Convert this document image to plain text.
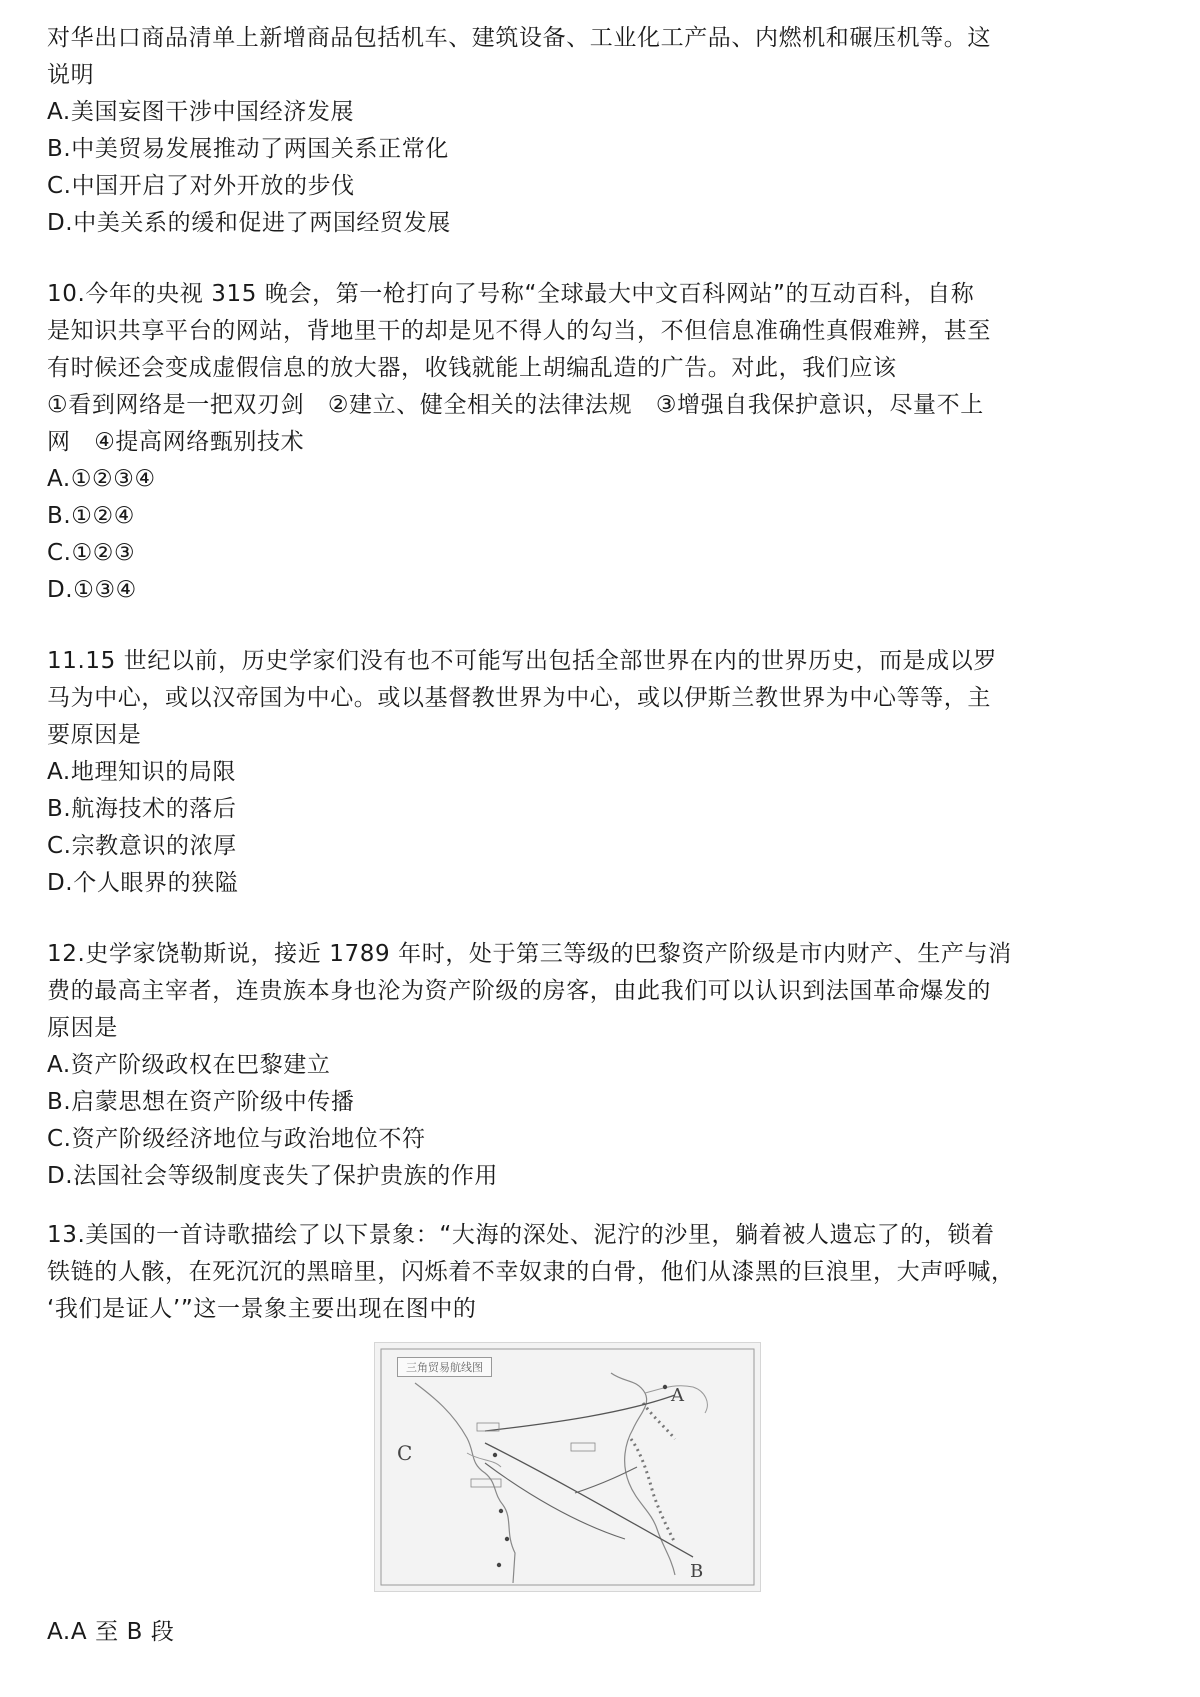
对华出口商品清单上新增商品包括机车、建筑设备、工业化工产品、内燃机和碾压机等。这
说明
A.美国妄图干涉中国经济发展
B.中美贸易发展推动了两国关系正常化
C.中国开启了对外开放的步伐
D.中美关系的缓和促进了两国经贸发展
10.今年的央视 315 晚会，第一枪打向了号称“全球最大中文百科网站”的互动百科，自称
是知识共享平台的网站，背地里干的却是见不得人的勾当，不但信息准确性真假难辨，甚至
有时候还会变成虚假信息的放大器，收钱就能上胡编乱造的广告。对此，我们应该
①看到网络是一把双刃剑　②建立、健全相关的法律法规　③增强自我保护意识，尽量不上
网　④提高网络甄别技术
A.①②③④
B.①②④
C.①②③
D.①③④
11.15 世纪以前，历史学家们没有也不可能写出包括全部世界在内的世界历史，而是成以罗
马为中心，或以汉帝国为中心。或以基督教世界为中心，或以伊斯兰教世界为中心等等，主
要原因是
A.地理知识的局限
B.航海技术的落后
C.宗教意识的浓厚
D.个人眼界的狭隘
12.史学家饶勒斯说，接近 1789 年时，处于第三等级的巴黎资产阶级是市内财产、生产与消
费的最高主宰者，连贵族本身也沦为资产阶级的房客，由此我们可以认识到法国革命爆发的
原因是
A.资产阶级政权在巴黎建立
B.启蒙思想在资产阶级中传播
C.资产阶级经济地位与政治地位不符
D.法国社会等级制度丧失了保护贵族的作用
13.美国的一首诗歌描绘了以下景象：“大海的深处、泥泞的沙里，躺着被人遗忘了的，锁着
铁链的人骸，在死沉沉的黑暗里，闪烁着不幸奴隶的白骨，他们从漆黑的巨浪里，大声呼喊，
‘我们是证人’”这一景象主要出现在图中的
三角贸易航线图
A
B
C
A.A 至 B 段
